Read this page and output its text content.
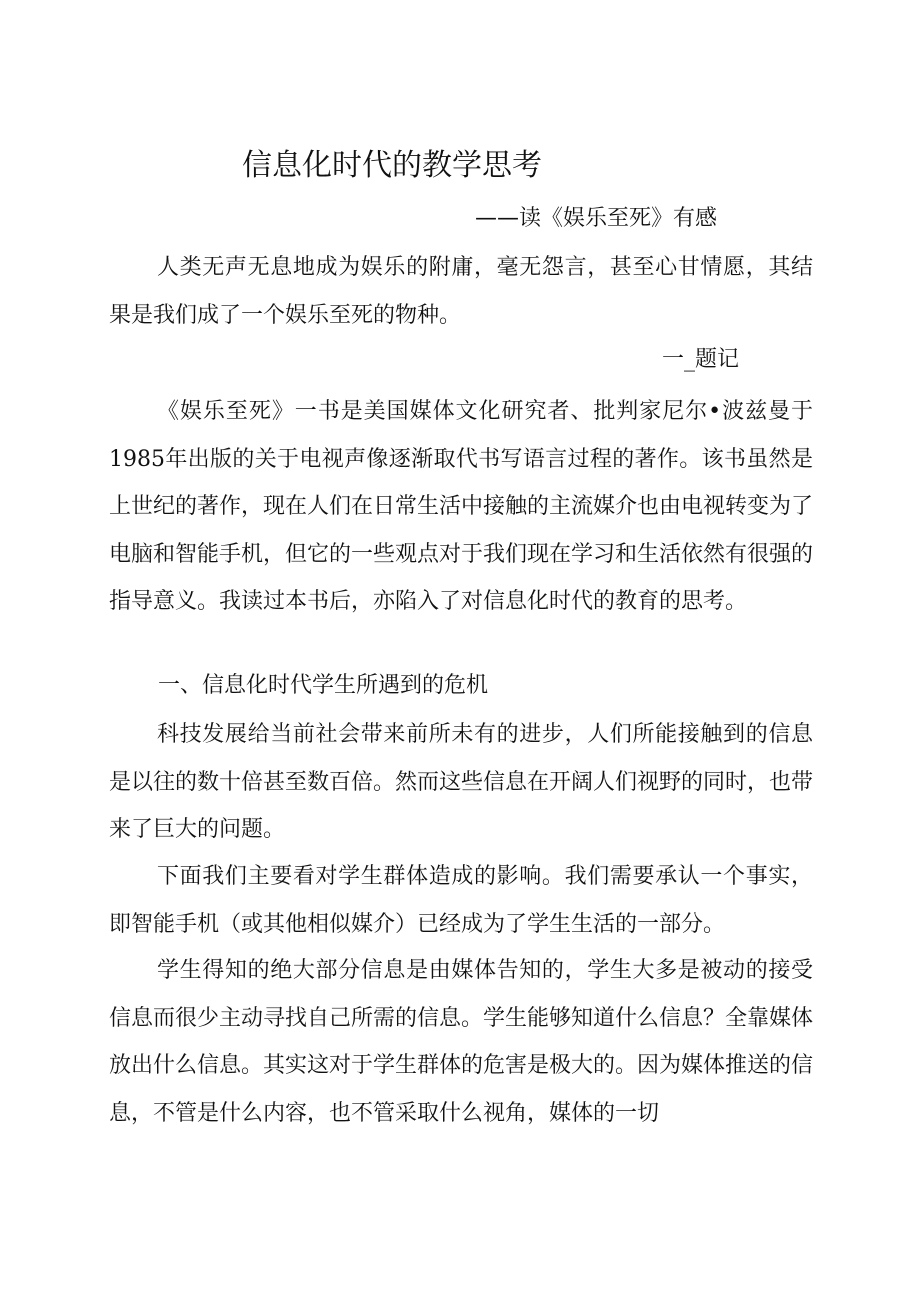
信息化时代的教学思考
——读《娱乐至死》有感

人类无声无息地成为娱乐的附庸，毫无怨言，甚至心甘情愿，其结果是我们成了一个娱乐至死的物种。

一_题记

《娱乐至死》一书是美国媒体文化研究者、批判家尼尔•波兹曼于1985年出版的关于电视声像逐渐取代书写语言过程的著作。该书虽然是上世纪的著作，现在人们在日常生活中接触的主流媒介也由电视转变为了电脑和智能手机，但它的一些观点对于我们现在学习和生活依然有很强的指导意义。我读过本书后，亦陷入了对信息化时代的教育的思考。

一、信息化时代学生所遇到的危机

科技发展给当前社会带来前所未有的进步，人们所能接触到的信息是以往的数十倍甚至数百倍。然而这些信息在开阔人们视野的同时，也带来了巨大的问题。

下面我们主要看对学生群体造成的影响。我们需要承认一个事实，即智能手机（或其他相似媒介）已经成为了学生生活的一部分。

学生得知的绝大部分信息是由媒体告知的，学生大多是被动的接受信息而很少主动寻找自己所需的信息。学生能够知道什么信息？全靠媒体放出什么信息。其实这对于学生群体的危害是极大的。因为媒体推送的信息，不管是什么内容，也不管采取什么视角，媒体的一切
